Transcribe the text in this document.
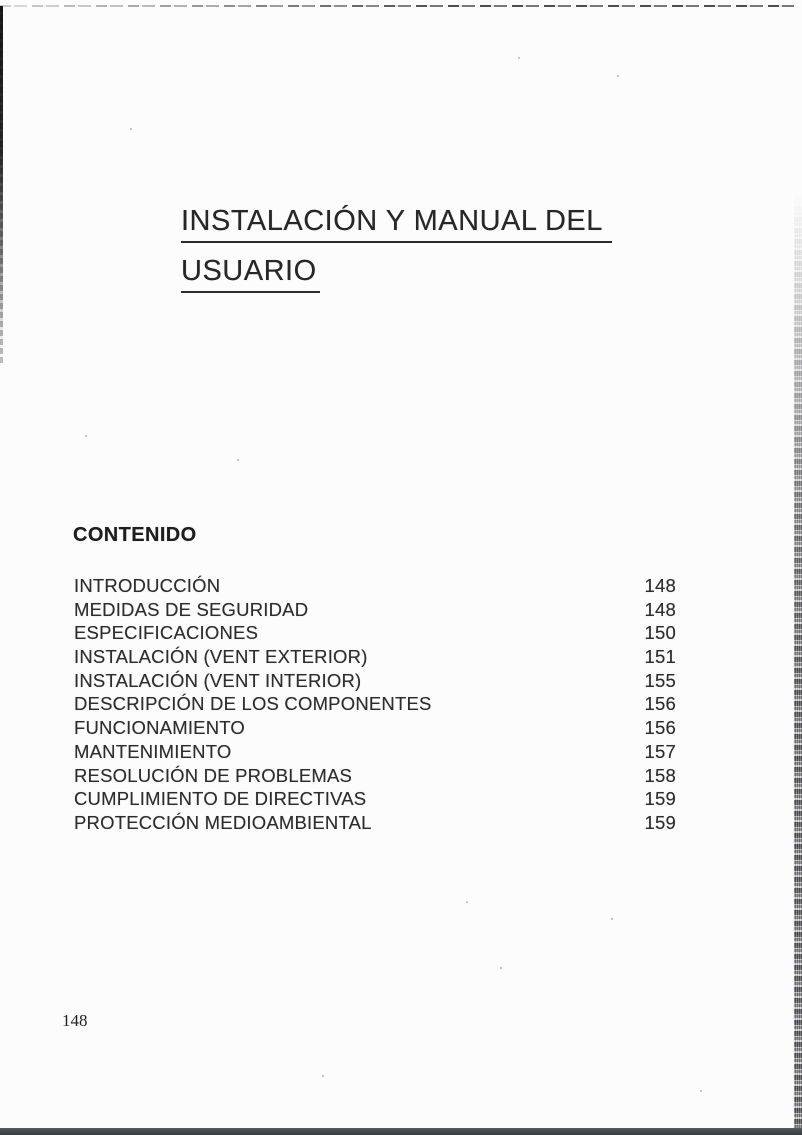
INSTALACIÓN Y MANUAL DEL
USUARIO
CONTENIDO
INTRODUCCIÓN	148
MEDIDAS DE SEGURIDAD	148
ESPECIFICACIONES	150
INSTALACIÓN (VENT EXTERIOR)	151
INSTALACIÓN (VENT INTERIOR)	155
DESCRIPCIÓN DE LOS COMPONENTES	156
FUNCIONAMIENTO	156
MANTENIMIENTO	157
RESOLUCIÓN DE PROBLEMAS	158
CUMPLIMIENTO DE DIRECTIVAS	159
PROTECCIÓN MEDIOAMBIENTAL	159
148
